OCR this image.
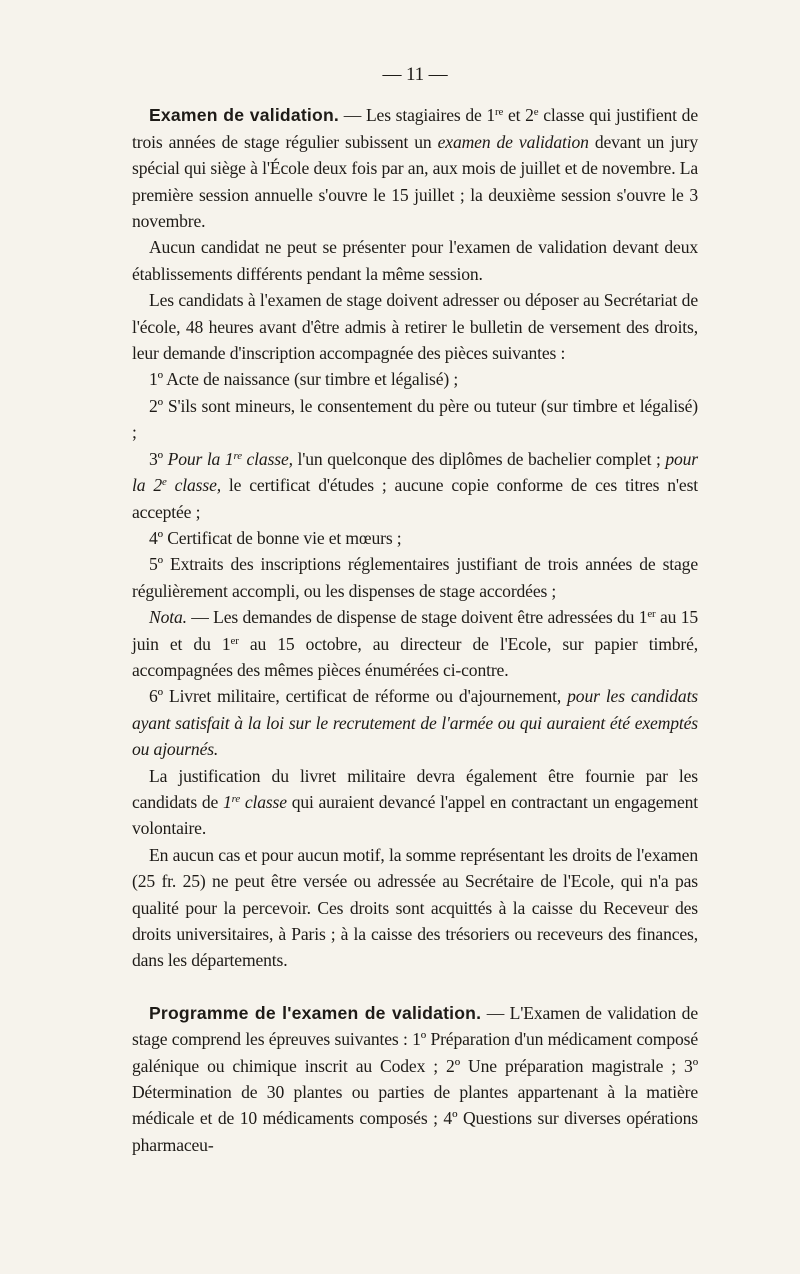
— 11 —

Examen de validation. — Les stagiaires de 1re et 2e classe qui justifient de trois années de stage régulier subissent un examen de validation devant un jury spécial qui siège à l'École deux fois par an, aux mois de juillet et de novembre. La première session annuelle s'ouvre le 15 juillet ; la deuxième session s'ouvre le 3 novembre.

Aucun candidat ne peut se présenter pour l'examen de validation devant deux établissements différents pendant la même session.

Les candidats à l'examen de stage doivent adresser ou déposer au Secrétariat de l'école, 48 heures avant d'être admis à retirer le bulletin de versement des droits, leur demande d'inscription accompagnée des pièces suivantes :

1º Acte de naissance (sur timbre et légalisé) ;

2º S'ils sont mineurs, le consentement du père ou tuteur (sur timbre et légalisé) ;

3º Pour la 1re classe, l'un quelconque des diplômes de bachelier complet ; pour la 2e classe, le certificat d'études ; aucune copie conforme de ces titres n'est acceptée ;

4º Certificat de bonne vie et mœurs ;

5º Extraits des inscriptions réglementaires justifiant de trois années de stage régulièrement accompli, ou les dispenses de stage accordées ;

Nota. — Les demandes de dispense de stage doivent être adressées du 1er au 15 juin et du 1er au 15 octobre, au directeur de l'Ecole, sur papier timbré, accompagnées des mêmes pièces énumérées ci-contre.

6º Livret militaire, certificat de réforme ou d'ajournement, pour les candidats ayant satisfait à la loi sur le recrutement de l'armée ou qui auraient été exemptés ou ajournés.

La justification du livret militaire devra également être fournie par les candidats de 1re classe qui auraient devancé l'appel en contractant un engagement volontaire.

En aucun cas et pour aucun motif, la somme représentant les droits de l'examen (25 fr. 25) ne peut être versée ou adressée au Secrétaire de l'Ecole, qui n'a pas qualité pour la percevoir. Ces droits sont acquittés à la caisse du Receveur des droits universitaires, à Paris ; à la caisse des trésoriers ou receveurs des finances, dans les départements.

Programme de l'examen de validation. — L'Examen de validation de stage comprend les épreuves suivantes : 1º Préparation d'un médicament composé galénique ou chimique inscrit au Codex ; 2º Une préparation magistrale ; 3º Détermination de 30 plantes ou parties de plantes appartenant à la matière médicale et de 10 médicaments composés ; 4º Questions sur diverses opérations pharmaceu-
